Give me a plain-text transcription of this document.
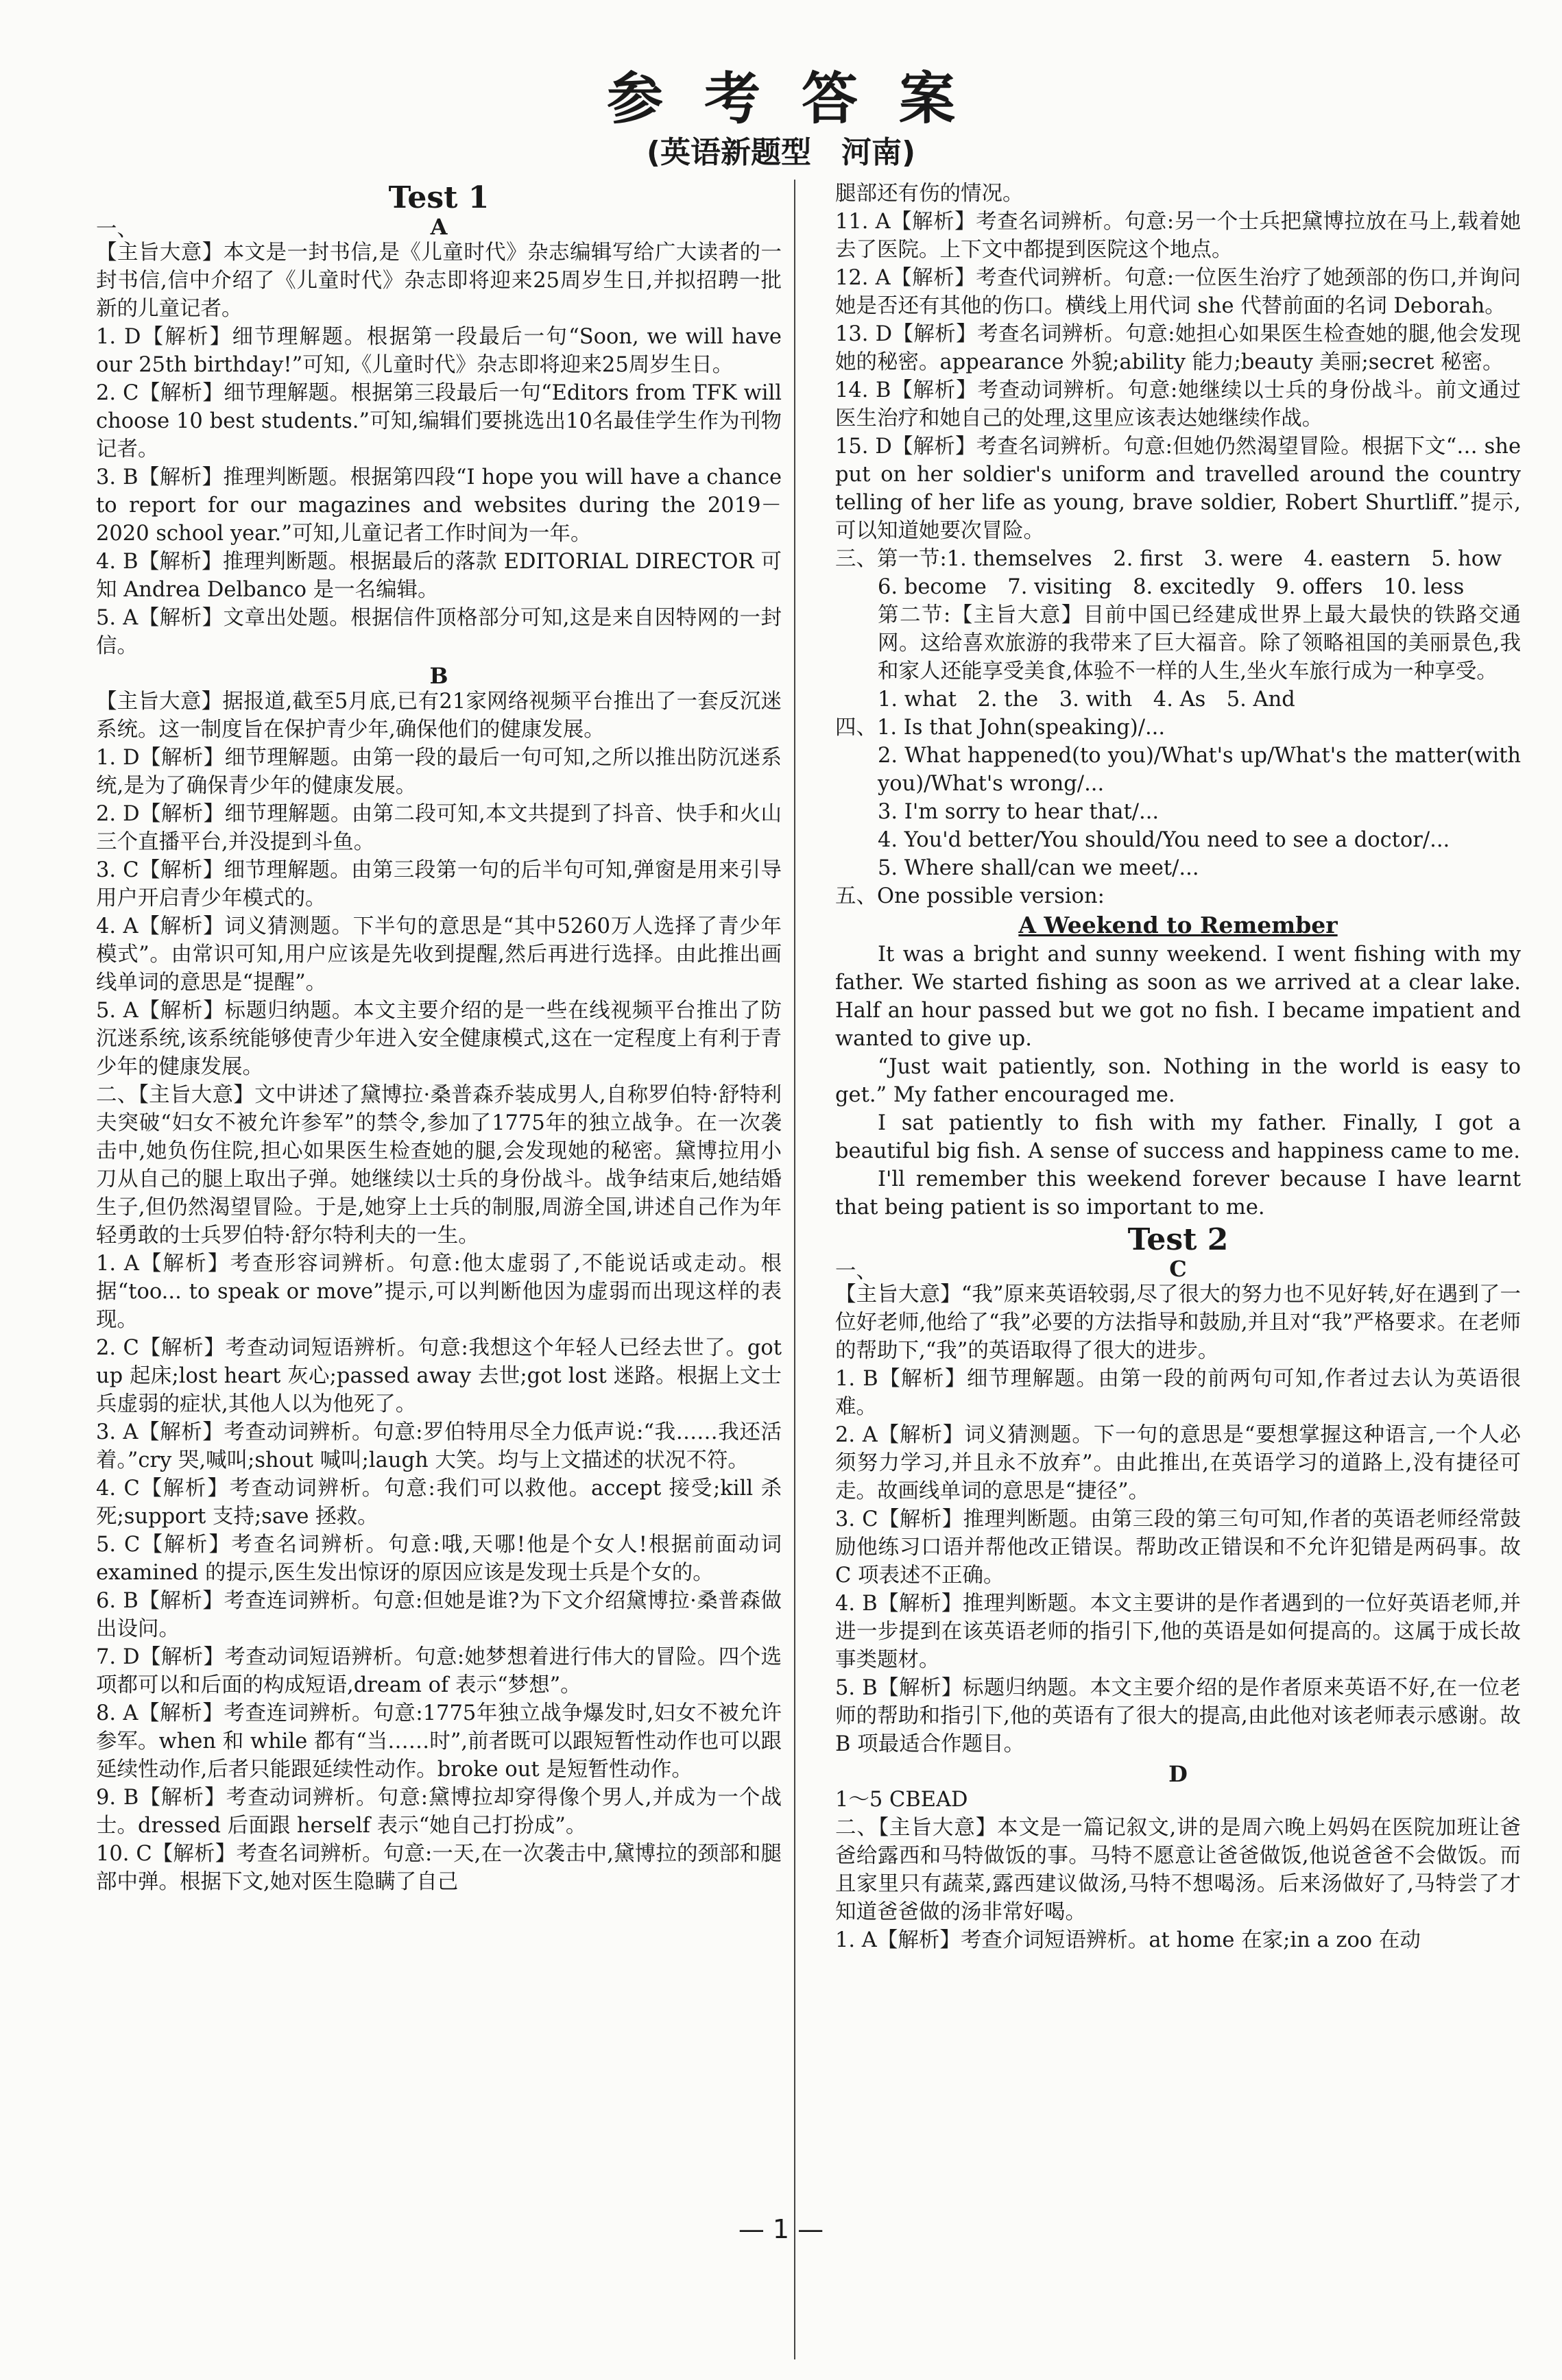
参考答案
(英语新题型　河南)
Test 1
一、	A

【主旨大意】本文是一封书信,是《儿童时代》杂志编辑写给广大读者的一封书信,信中介绍了《儿童时代》杂志即将迎来25周岁生日,并拟招聘一批新的儿童记者。

1. D【解析】细节理解题。根据第一段最后一句“Soon, we will have our 25th birthday!”可知,《儿童时代》杂志即将迎来25周岁生日。

2. C【解析】细节理解题。根据第三段最后一句“Editors from TFK will choose 10 best students.”可知,编辑们要挑选出10名最佳学生作为刊物记者。

3. B【解析】推理判断题。根据第四段“I hope you will have a chance to report for our magazines and websites during the 2019－2020 school year.”可知,儿童记者工作时间为一年。

4. B【解析】推理判断题。根据最后的落款 EDITORIAL DIRECTOR 可知 Andrea Delbanco 是一名编辑。

5. A【解析】文章出处题。根据信件顶格部分可知,这是来自因特网的一封信。

B

【主旨大意】据报道,截至5月底,已有21家网络视频平台推出了一套反沉迷系统。这一制度旨在保护青少年,确保他们的健康发展。

1. D【解析】细节理解题。由第一段的最后一句可知,之所以推出防沉迷系统,是为了确保青少年的健康发展。

2. D【解析】细节理解题。由第二段可知,本文共提到了抖音、快手和火山三个直播平台,并没提到斗鱼。

3. C【解析】细节理解题。由第三段第一句的后半句可知,弹窗是用来引导用户开启青少年模式的。

4. A【解析】词义猜测题。下半句的意思是“其中5260万人选择了青少年模式”。由常识可知,用户应该是先收到提醒,然后再进行选择。由此推出画线单词的意思是“提醒”。

5. A【解析】标题归纳题。本文主要介绍的是一些在线视频平台推出了防沉迷系统,该系统能够使青少年进入安全健康模式,这在一定程度上有利于青少年的健康发展。

二、【主旨大意】文中讲述了黛博拉·桑普森乔装成男人,自称罗伯特·舒特利夫突破“妇女不被允许参军”的禁令,参加了1775年的独立战争。在一次袭击中,她负伤住院,担心如果医生检查她的腿,会发现她的秘密。黛博拉用小刀从自己的腿上取出子弹。她继续以士兵的身份战斗。战争结束后,她结婚生子,但仍然渴望冒险。于是,她穿上士兵的制服,周游全国,讲述自己作为年轻勇敢的士兵罗伯特·舒尔特利夫的一生。

1. A【解析】考查形容词辨析。句意:他太虚弱了,不能说话或走动。根据“too... to speak or move”提示,可以判断他因为虚弱而出现这样的表现。

2. C【解析】考查动词短语辨析。句意:我想这个年轻人已经去世了。got up 起床;lost heart 灰心;passed away 去世;got lost 迷路。根据上文士兵虚弱的症状,其他人以为他死了。

3. A【解析】考查动词辨析。句意:罗伯特用尽全力低声说:“我……我还活着。”cry 哭,喊叫;shout 喊叫;laugh 大笑。均与上文描述的状况不符。

4. C【解析】考查动词辨析。句意:我们可以救他。accept 接受;kill 杀死;support 支持;save 拯救。

5. C【解析】考查名词辨析。句意:哦,天哪!他是个女人!根据前面动词 examined 的提示,医生发出惊讶的原因应该是发现士兵是个女的。

6. B【解析】考查连词辨析。句意:但她是谁?为下文介绍黛博拉·桑普森做出设问。

7. D【解析】考查动词短语辨析。句意:她梦想着进行伟大的冒险。四个选项都可以和后面的构成短语,dream of 表示“梦想”。

8. A【解析】考查连词辨析。句意:1775年独立战争爆发时,妇女不被允许参军。when 和 while 都有“当……时”,前者既可以跟短暂性动作也可以跟延续性动作,后者只能跟延续性动作。broke out 是短暂性动作。

9. B【解析】考查动词辨析。句意:黛博拉却穿得像个男人,并成为一个战士。dressed 后面跟 herself 表示“她自己打扮成”。

10. C【解析】考查名词辨析。句意:一天,在一次袭击中,黛博拉的颈部和腿部中弹。根据下文,她对医生隐瞒了自己

腿部还有伤的情况。

11. A【解析】考查名词辨析。句意:另一个士兵把黛博拉放在马上,载着她去了医院。上下文中都提到医院这个地点。

12. A【解析】考查代词辨析。句意:一位医生治疗了她颈部的伤口,并询问她是否还有其他的伤口。横线上用代词 she 代替前面的名词 Deborah。

13. D【解析】考查名词辨析。句意:她担心如果医生检查她的腿,他会发现她的秘密。appearance 外貌;ability 能力;beauty 美丽;secret 秘密。

14. B【解析】考查动词辨析。句意:她继续以士兵的身份战斗。前文通过医生治疗和她自己的处理,这里应该表达她继续作战。

15. D【解析】考查名词辨析。句意:但她仍然渴望冒险。根据下文“… she put on her soldier's uniform and travelled around the country telling of her life as young, brave soldier, Robert Shurtliff.”提示,可以知道她要次冒险。

三、第一节:1. themselves　2. first　3. were　4. eastern　5. how

6. become　7. visiting　8. excitedly　9. offers　10. less

第二节:【主旨大意】目前中国已经建成世界上最大最快的铁路交通网。这给喜欢旅游的我带来了巨大福音。除了领略祖国的美丽景色,我和家人还能享受美食,体验不一样的人生,坐火车旅行成为一种享受。

1. what　2. the　3. with　4. As　5. And

四、1. Is that John(speaking)/...

2. What happened(to you)/What's up/What's the matter(with you)/What's wrong/...

3. I'm sorry to hear that/...

4. You'd better/You should/You need to see a doctor/...

5. Where shall/can we meet/...

五、One possible version:

A Weekend to Remember

It was a bright and sunny weekend. I went fishing with my father. We started fishing as soon as we arrived at a clear lake. Half an hour passed but we got no fish. I became impatient and wanted to give up.

“Just wait patiently, son. Nothing in the world is easy to get.” My father encouraged me.

I sat patiently to fish with my father. Finally, I got a beautiful big fish. A sense of success and happiness came to me.

I'll remember this weekend forever because I have learnt that being patient is so important to me.

Test 2
一、	C

【主旨大意】“我”原来英语较弱,尽了很大的努力也不见好转,好在遇到了一位好老师,他给了“我”必要的方法指导和鼓励,并且对“我”严格要求。在老师的帮助下,“我”的英语取得了很大的进步。

1. B【解析】细节理解题。由第一段的前两句可知,作者过去认为英语很难。

2. A【解析】词义猜测题。下一句的意思是“要想掌握这种语言,一个人必须努力学习,并且永不放弃”。由此推出,在英语学习的道路上,没有捷径可走。故画线单词的意思是“捷径”。

3. C【解析】推理判断题。由第三段的第三句可知,作者的英语老师经常鼓励他练习口语并帮他改正错误。帮助改正错误和不允许犯错是两码事。故 C 项表述不正确。

4. B【解析】推理判断题。本文主要讲的是作者遇到的一位好英语老师,并进一步提到在该英语老师的指引下,他的英语是如何提高的。这属于成长故事类题材。

5. B【解析】标题归纳题。本文主要介绍的是作者原来英语不好,在一位老师的帮助和指引下,他的英语有了很大的提高,由此他对该老师表示感谢。故 B 项最适合作题目。

D

1～5 CBEAD

二、【主旨大意】本文是一篇记叙文,讲的是周六晚上妈妈在医院加班让爸爸给露西和马特做饭的事。马特不愿意让爸爸做饭,他说爸爸不会做饭。而且家里只有蔬菜,露西建议做汤,马特不想喝汤。后来汤做好了,马特尝了才知道爸爸做的汤非常好喝。

1. A【解析】考查介词短语辨析。at home 在家;in a zoo 在动

— 1 —
